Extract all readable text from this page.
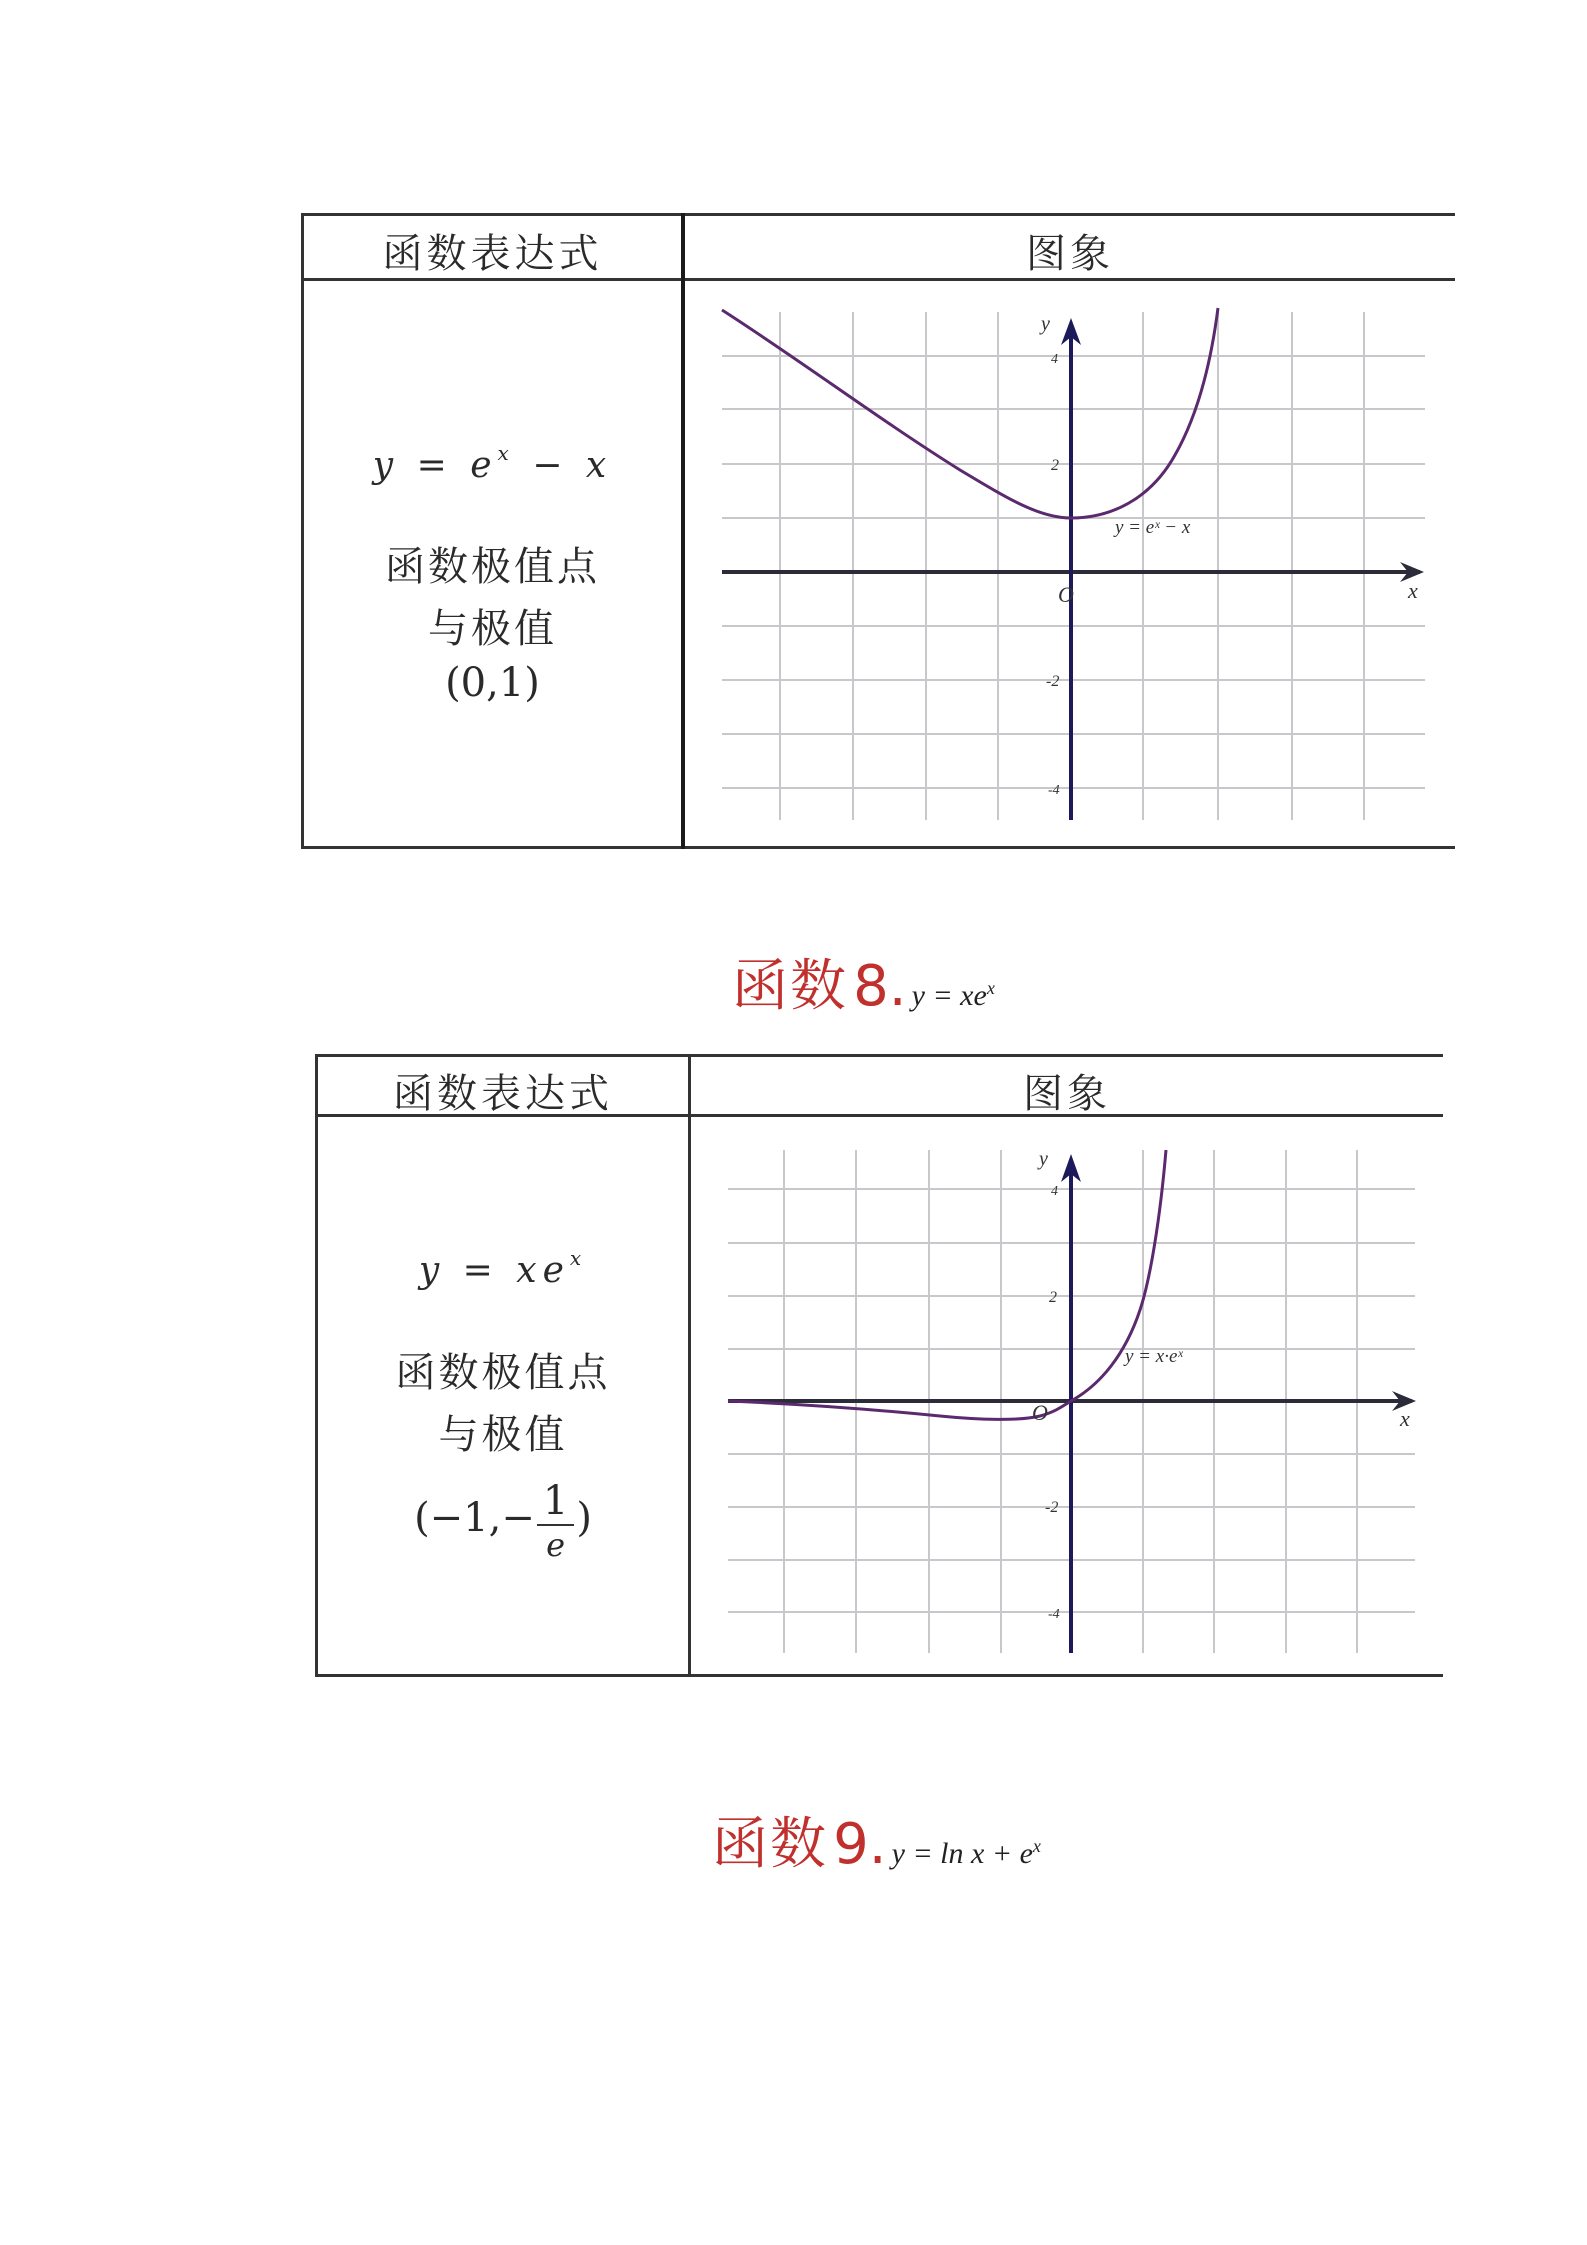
函数表达式	图象
$y = e^x - x$
函数极值点
与极值
(0,1)
O	x
y
4
2
-2
-4
y = eˣ − x
函数 8. $y = xe^x$
函数表达式	图象
$y = xe^x$
函数极值点
与极值
($-1,- \frac{1}{e}$ )
O	x
y
4
2
-2
-4
y = x·eˣ
函数 9. $y = \ln x + e^x$
